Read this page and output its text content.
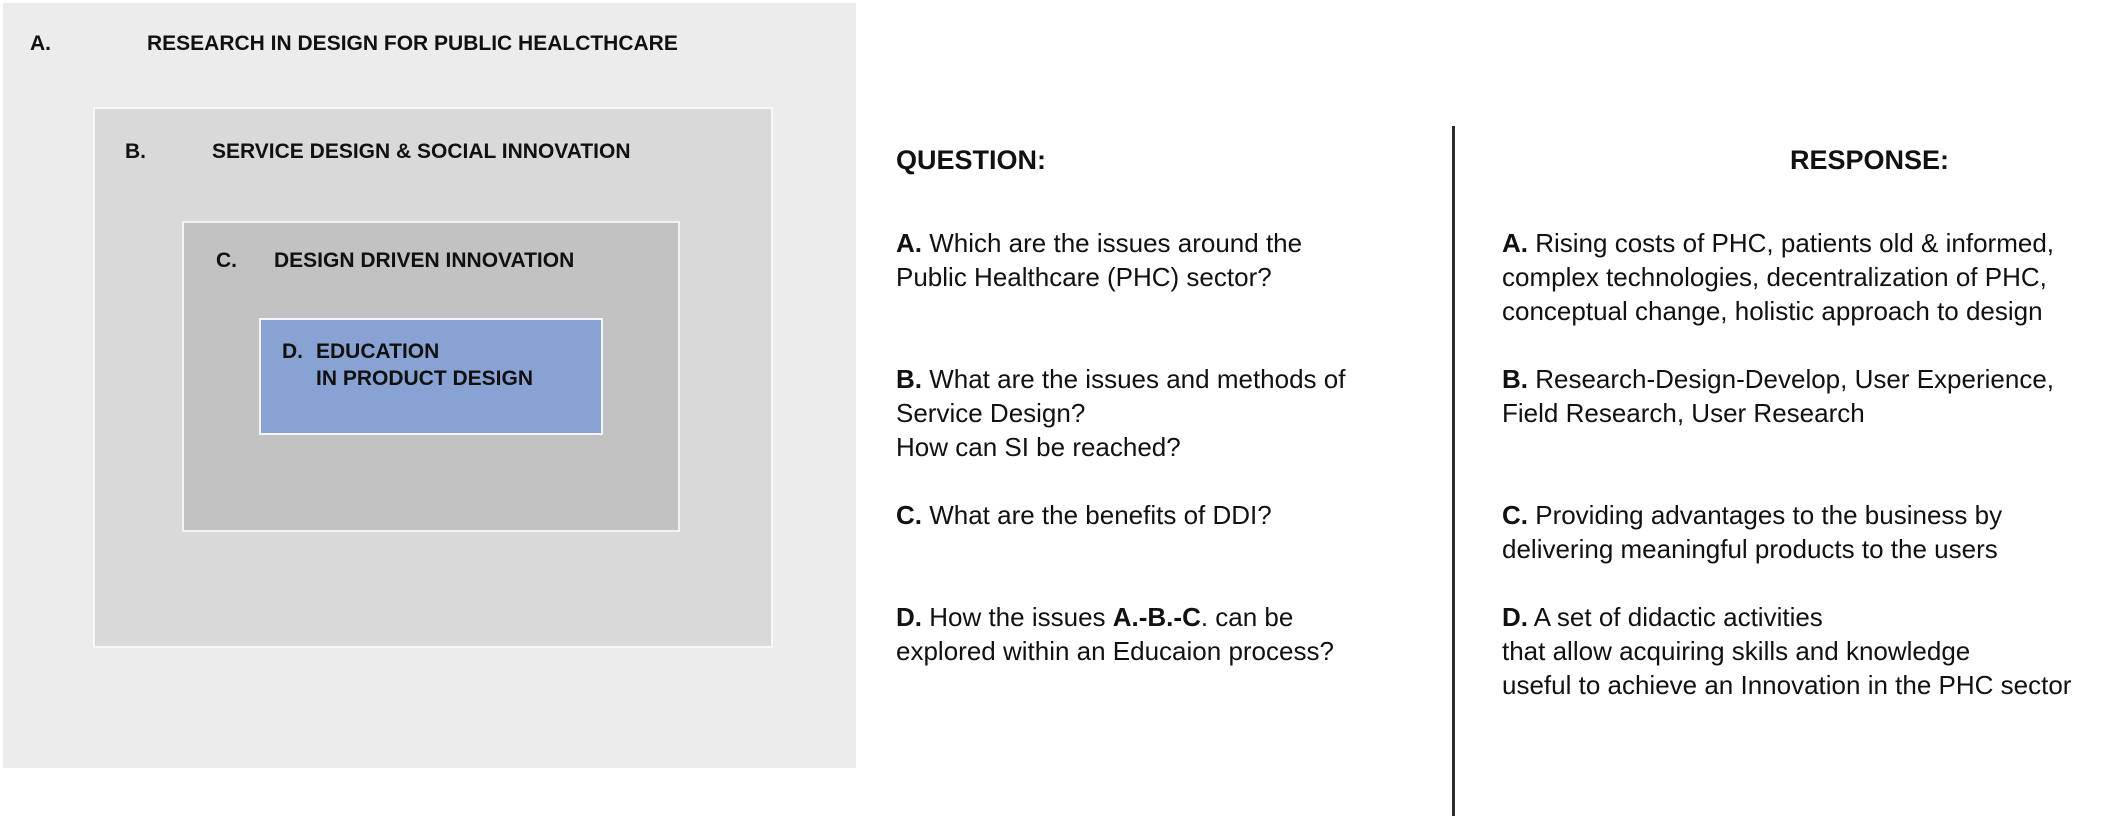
A.	RESEARCH IN DESIGN FOR PUBLIC HEALCTHCARE
B.	SERVICE DESIGN & SOCIAL INNOVATION
C. DESIGN DRIVEN INNOVATION
D. EDUCATION
IN PRODUCT DESIGN
QUESTION:
A. Which are the issues around the
Public Healthcare (PHC) sector?
B. What are the issues and methods of
Service Design?
How can SI be reached?
C. What are the benefits of DDI?
D. How the issues A.-B.-C. can be
explored within an Educaion process?
RESPONSE:
A. Rising costs of PHC, patients old & informed,
complex technologies, decentralization of PHC,
conceptual change, holistic approach to design
B. Research-Design-Develop, User Experience,
Field Research, User Research
C. Providing advantages to the business by
delivering meaningful products to the users
D. A set of didactic activities
that allow acquiring skills and knowledge
useful to achieve an Innovation in the PHC sector
